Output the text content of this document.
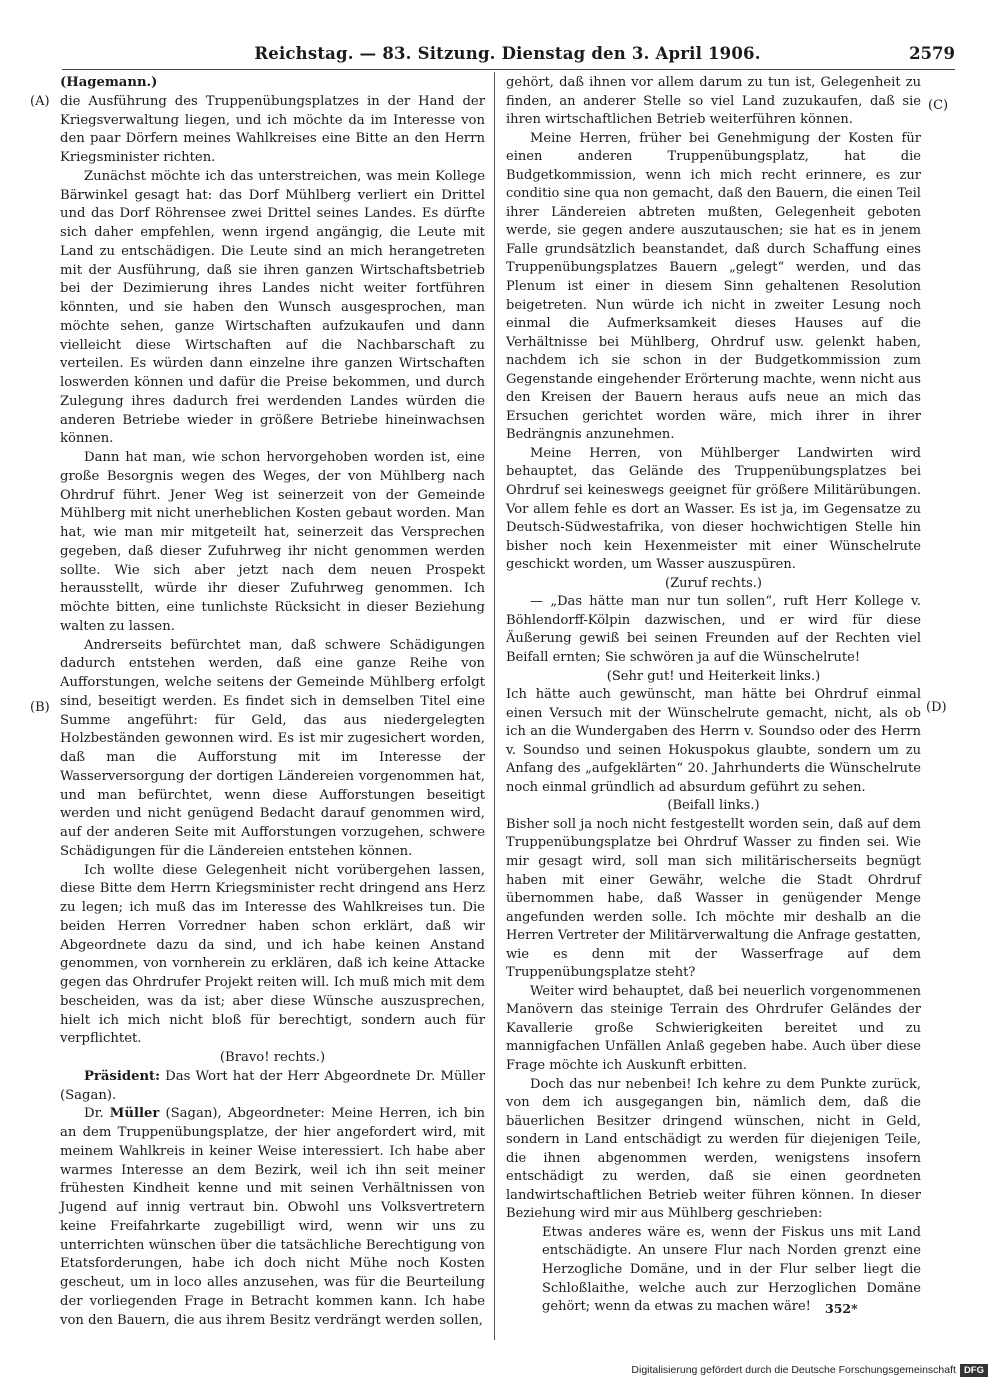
Reichstag. — 83. Sitzung. Dienstag den 3. April 1906.	2579
(A)
(B)
(C)
(D)

(Hagemann.)

die Ausführung des Truppenübungsplatzes in der Hand der Kriegsverwaltung liegen, und ich möchte da im Interesse von den paar Dörfern meines Wahlkreises eine Bitte an den Herrn Kriegsminister richten.

Zunächst möchte ich das unterstreichen, was mein Kollege Bärwinkel gesagt hat: das Dorf Mühlberg verliert ein Drittel und das Dorf Röhrensee zwei Drittel seines Landes. Es dürfte sich daher empfehlen, wenn irgend angängig, die Leute mit Land zu entschädigen. Die Leute sind an mich herangetreten mit der Ausführung, daß sie ihren ganzen Wirtschaftsbetrieb bei der Dezimierung ihres Landes nicht weiter fortführen könnten, und sie haben den Wunsch ausgesprochen, man möchte sehen, ganze Wirtschaften aufzukaufen und dann vielleicht diese Wirtschaften auf die Nachbarschaft zu verteilen. Es würden dann einzelne ihre ganzen Wirtschaften loswerden können und dafür die Preise bekommen, und durch Zulegung ihres dadurch frei werdenden Landes würden die anderen Betriebe wieder in größere Betriebe hineinwachsen können.

Dann hat man, wie schon hervorgehoben worden ist, eine große Besorgnis wegen des Weges, der von Mühlberg nach Ohrdruf führt. Jener Weg ist seinerzeit von der Gemeinde Mühlberg mit nicht unerheblichen Kosten gebaut worden. Man hat, wie man mir mitgeteilt hat, seinerzeit das Versprechen gegeben, daß dieser Zufuhrweg ihr nicht genommen werden sollte. Wie sich aber jetzt nach dem neuen Prospekt herausstellt, würde ihr dieser Zufuhrweg genommen. Ich möchte bitten, eine tunlichste Rücksicht in dieser Beziehung walten zu lassen.

Andrerseits befürchtet man, daß schwere Schädigungen dadurch entstehen werden, daß eine ganze Reihe von Aufforstungen, welche seitens der Gemeinde Mühlberg erfolgt sind, beseitigt werden. Es findet sich in demselben Titel eine Summe angeführt: für Geld, das aus niedergelegten Holzbeständen gewonnen wird. Es ist mir zugesichert worden, daß man die Aufforstung mit im Interesse der Wasserversorgung der dortigen Ländereien vorgenommen hat, und man befürchtet, wenn diese Aufforstungen beseitigt werden und nicht genügend Bedacht darauf genommen wird, auf der anderen Seite mit Aufforstungen vorzugehen, schwere Schädigungen für die Ländereien entstehen können.

Ich wollte diese Gelegenheit nicht vorübergehen lassen, diese Bitte dem Herrn Kriegsminister recht dringend ans Herz zu legen; ich muß das im Interesse des Wahlkreises tun. Die beiden Herren Vorredner haben schon erklärt, daß wir Abgeordnete dazu da sind, und ich habe keinen Anstand genommen, von vornherein zu erklären, daß ich keine Attacke gegen das Ohrdrufer Projekt reiten will. Ich muß mich mit dem bescheiden, was da ist; aber diese Wünsche auszusprechen, hielt ich mich nicht bloß für berechtigt, sondern auch für verpflichtet.

(Bravo! rechts.)

Präsident: Das Wort hat der Herr Abgeordnete Dr. Müller (Sagan).

Dr. Müller (Sagan), Abgeordneter: Meine Herren, ich bin an dem Truppenübungsplatze, der hier angefordert wird, mit meinem Wahlkreis in keiner Weise interessiert. Ich habe aber warmes Interesse an dem Bezirk, weil ich ihn seit meiner frühesten Kindheit kenne und mit seinen Verhältnissen von Jugend auf innig vertraut bin. Obwohl uns Volksvertretern keine Freifahrkarte zugebilligt wird, wenn wir uns zu unterrichten wünschen über die tatsächliche Berechtigung von Etatsforderungen, habe ich doch nicht Mühe noch Kosten gescheut, um in loco alles anzusehen, was für die Beurteilung der vorliegenden Frage in Betracht kommen kann. Ich habe von den Bauern, die aus ihrem Besitz verdrängt werden sollen,

gehört, daß ihnen vor allem darum zu tun ist, Gelegenheit zu finden, an anderer Stelle so viel Land zuzukaufen, daß sie ihren wirtschaftlichen Betrieb weiterführen können.

Meine Herren, früher bei Genehmigung der Kosten für einen anderen Truppenübungsplatz, hat die Budgetkommission, wenn ich mich recht erinnere, es zur conditio sine qua non gemacht, daß den Bauern, die einen Teil ihrer Ländereien abtreten mußten, Gelegenheit geboten werde, sie gegen andere auszutauschen; sie hat es in jenem Falle grundsätzlich beanstandet, daß durch Schaffung eines Truppenübungsplatzes Bauern „gelegt“ werden, und das Plenum ist einer in diesem Sinn gehaltenen Resolution beigetreten. Nun würde ich nicht in zweiter Lesung noch einmal die Aufmerksamkeit dieses Hauses auf die Verhältnisse bei Mühlberg, Ohrdruf usw. gelenkt haben, nachdem ich sie schon in der Budgetkommission zum Gegenstande eingehender Erörterung machte, wenn nicht aus den Kreisen der Bauern heraus aufs neue an mich das Ersuchen gerichtet worden wäre, mich ihrer in ihrer Bedrängnis anzunehmen.

Meine Herren, von Mühlberger Landwirten wird behauptet, das Gelände des Truppenübungsplatzes bei Ohrdruf sei keineswegs geeignet für größere Militärübungen. Vor allem fehle es dort an Wasser. Es ist ja, im Gegensatze zu Deutsch-Südwestafrika, von dieser hochwichtigen Stelle hin bisher noch kein Hexenmeister mit einer Wünschelrute geschickt worden, um Wasser auszuspüren.

(Zuruf rechts.)

— „Das hätte man nur tun sollen“, ruft Herr Kollege v. Böhlendorff-Kölpin dazwischen, und er wird für diese Äußerung gewiß bei seinen Freunden auf der Rechten viel Beifall ernten; Sie schwören ja auf die Wünschelrute!

(Sehr gut! und Heiterkeit links.)

Ich hätte auch gewünscht, man hätte bei Ohrdruf einmal einen Versuch mit der Wünschelrute gemacht, nicht, als ob ich an die Wundergaben des Herrn v. Soundso oder des Herrn v. Soundso und seinen Hokuspokus glaubte, sondern um zu Anfang des „aufgeklärten“ 20. Jahrhunderts die Wünschelrute noch einmal gründlich ad absurdum geführt zu sehen.

(Beifall links.)

Bisher soll ja noch nicht festgestellt worden sein, daß auf dem Truppenübungsplatze bei Ohrdruf Wasser zu finden sei. Wie mir gesagt wird, soll man sich militärischerseits begnügt haben mit einer Gewähr, welche die Stadt Ohrdruf übernommen habe, daß Wasser in genügender Menge angefunden werden solle. Ich möchte mir deshalb an die Herren Vertreter der Militärverwaltung die Anfrage gestatten, wie es denn mit der Wasserfrage auf dem Truppenübungsplatze steht?

Weiter wird behauptet, daß bei neuerlich vorgenommenen Manövern das steinige Terrain des Ohrdrufer Geländes der Kavallerie große Schwierigkeiten bereitet und zu mannigfachen Unfällen Anlaß gegeben habe. Auch über diese Frage möchte ich Auskunft erbitten.

Doch das nur nebenbei! Ich kehre zu dem Punkte zurück, von dem ich ausgegangen bin, nämlich dem, daß die bäuerlichen Besitzer dringend wünschen, nicht in Geld, sondern in Land entschädigt zu werden für diejenigen Teile, die ihnen abgenommen werden, wenigstens insofern entschädigt zu werden, daß sie einen geordneten landwirtschaftlichen Betrieb weiter führen können. In dieser Beziehung wird mir aus Mühlberg geschrieben:

Etwas anderes wäre es, wenn der Fiskus uns mit Land entschädigte. An unsere Flur nach Norden grenzt eine Herzogliche Domäne, und in der Flur selber liegt die Schloßlaithe, welche auch zur Herzoglichen Domäne gehört; wenn da etwas zu machen wäre!	352*
Digitalisierung gefördert durch die Deutsche Forschungsgemeinschaft DFG
